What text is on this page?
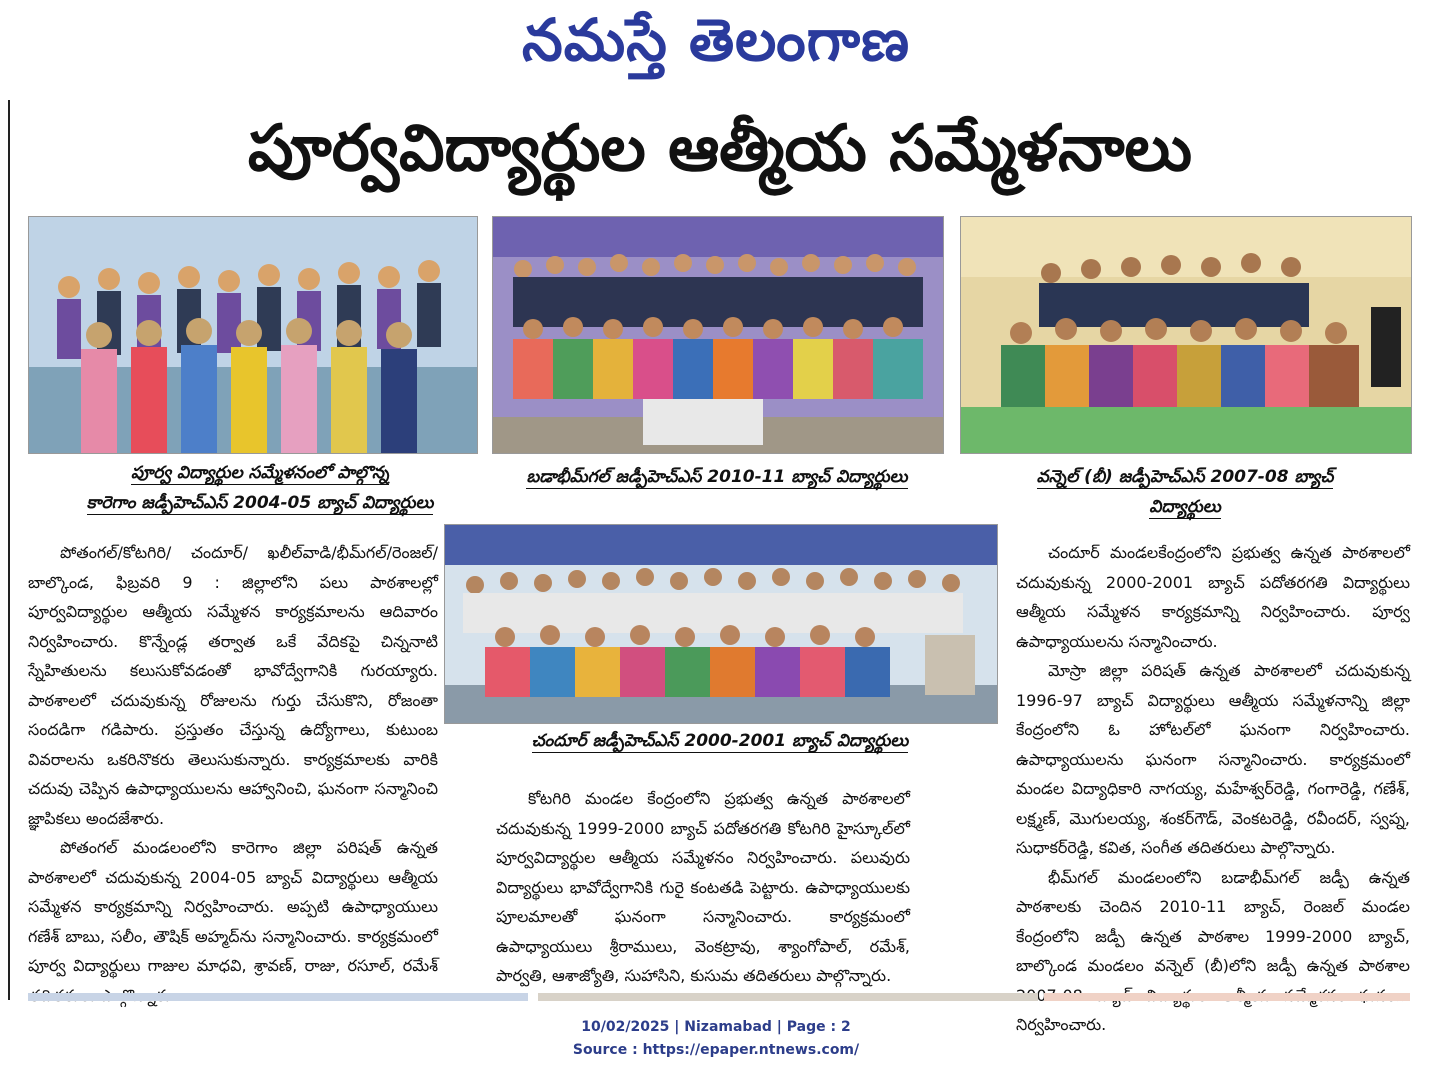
నమస్తే తెలంగాణ
పూర్వవిద్యార్థుల ఆత్మీయ సమ్మేళనాలు
పూర్వ విద్యార్థుల సమ్మేళనంలో పాల్గొన్న
కారెగాం జడ్పీహెచ్‌ఎస్ 2004-05 బ్యాచ్ విద్యార్థులు
బడాభీమ్‌గల్ జడ్పీహెచ్‌ఎస్ 2010-11 బ్యాచ్ విద్యార్థులు	వన్నెల్ (బీ) జడ్పీహెచ్‌ఎస్ 2007-08 బ్యాచ్
విద్యార్థులు
చందూర్ జడ్పీహెచ్‌ఎస్ 2000-2001 బ్యాచ్ విద్యార్థులు

పోతంగల్/కోటగిరి/ చందూర్/ ఖలీల్‌వాడి/భీమ్‌గల్/రెంజల్/బాల్కొండ, ఫిబ్రవరి 9 : జిల్లాలోని పలు పాఠశాలల్లో పూర్వవిద్యార్థుల ఆత్మీయ సమ్మేళన కార్యక్రమాలను ఆదివారం నిర్వహించారు. కొన్నేండ్ల తర్వాత ఒకే వేదికపై చిన్ననాటి స్నేహితులను కలుసుకోవడంతో భావోద్వేగానికి గురయ్యారు. పాఠశాలలో చదువుకున్న రోజులను గుర్తు చేసుకొని, రోజంతా సందడిగా గడిపారు. ప్రస్తుతం చేస్తున్న ఉద్యోగాలు, కుటుంబ వివరాలను ఒకరినొకరు తెలుసుకున్నారు. కార్యక్రమాలకు వారికి చదువు చెప్పిన ఉపాధ్యాయులను ఆహ్వానించి, ఘనంగా సన్మానించి జ్ఞాపికలు అందజేశారు.

పోతంగల్ మండలంలోని కారెగాం జిల్లా పరిషత్ ఉన్నత పాఠశాలలో చదువుకున్న 2004-05 బ్యాచ్ విద్యార్థులు ఆత్మీయ సమ్మేళన కార్యక్రమాన్ని నిర్వహించారు. అప్పటి ఉపాధ్యాయులు గణేశ్ బాబు, సలీం, తౌషిక్ అహ్మద్‌ను సన్మానించారు. కార్యక్రమంలో పూర్వ విద్యార్థులు గాజుల మాధవి, శ్రావణ్, రాజు, రసూల్, రమేశ్

కోటగిరి మండల కేంద్రంలోని ప్రభుత్వ ఉన్నత పాఠశాలలో చదువుకున్న 1999-2000 బ్యాచ్ పదోతరగతి కోటగిరి హైస్కూల్‌లో పూర్వవిద్యార్థుల ఆత్మీయ సమ్మేళనం నిర్వహించారు. పలువురు విద్యార్థులు భావోద్వేగానికి గురై కంటతడి పెట్టారు. ఉపాధ్యాయులకు పూలమాలతో ఘనంగా సన్మానించారు. కార్యక్రమంలో ఉపాధ్యాయులు శ్రీరాములు, వెంకట్రావు, శ్యాంగోపాల్, రమేశ్, పార్వతి, ఆశాజ్యోతి, సుహాసిని, కుసుమ తదితరులు పాల్గొన్నారు.

చందూర్ మండలకేంద్రంలోని ప్రభుత్వ ఉన్నత పాఠశాలలో చదువుకున్న 2000-2001 బ్యాచ్ పదోతరగతి విద్యార్థులు ఆత్మీయ సమ్మేళన కార్యక్రమాన్ని నిర్వహించారు. పూర్వ ఉపాధ్యాయులను సన్మానించారు.

మోస్రా జిల్లా పరిషత్ ఉన్నత పాఠశాలలో చదువుకున్న 1996-97 బ్యాచ్ విద్యార్థులు ఆత్మీయ సమ్మేళనాన్ని జిల్లా కేంద్రంలోని ఓ హోటల్‌లో ఘనంగా నిర్వహించారు. ఉపాధ్యాయులను ఘనంగా సన్మానించారు. కార్యక్రమంలో మండల విద్యాధికారి నాగయ్య, మహేశ్వర్‌రెడ్డి, గంగారెడ్డి, గణేశ్, లక్ష్మణ్, మొగులయ్య, శంకర్‌గౌడ్, వెంకటరెడ్డి, రవీందర్, స్వప్న, సుధాకర్‌రెడ్డి, కవిత, సంగీత తదితరులు పాల్గొన్నారు.

భీమ్‌గల్ మండలంలోని బడాభీమ్‌గల్ జడ్పీ ఉన్నత పాఠశాలకు చెందిన 2010-11 బ్యాచ్, రెంజల్ మండల కేంద్రంలోని జడ్పీ ఉన్నత పాఠశాల 1999-2000 బ్యాచ్, బాల్కొండ మండలం వన్నెల్ (బీ)లోని జడ్పీ ఉన్నత పాఠశాల నిర్వహించారు.

10/02/2025 | Nizamabad | Page : 2
Source : https://epaper.ntnews.com/
